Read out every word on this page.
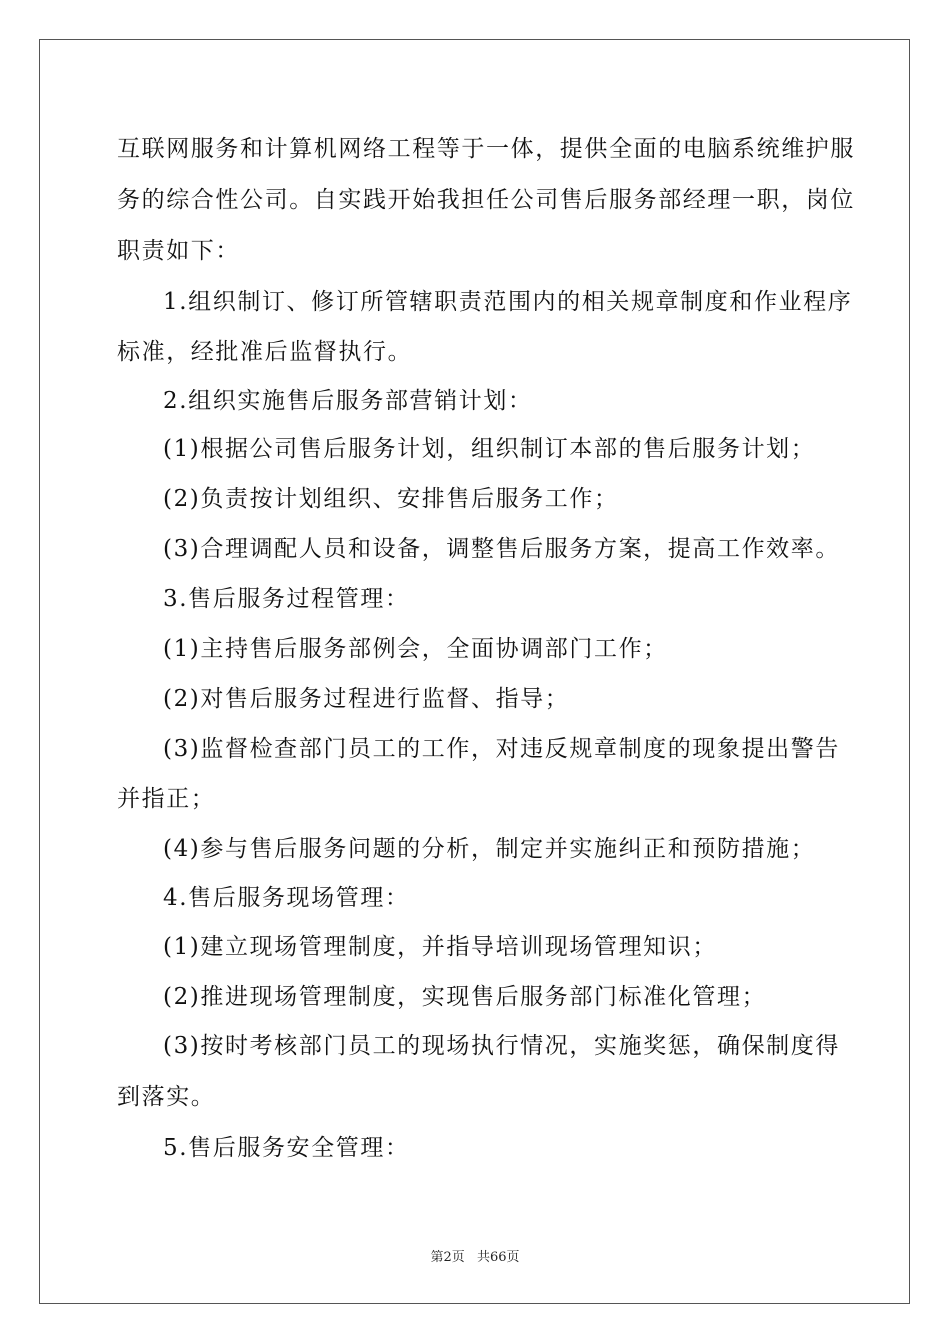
互联网服务和计算机网络工程等于一体，提供全面的电脑系统维护服
务的综合性公司。自实践开始我担任公司售后服务部经理一职，岗位
职责如下：
1.组织制订、修订所管辖职责范围内的相关规章制度和作业程序
标准，经批准后监督执行。
2.组织实施售后服务部营销计划：
(1)根据公司售后服务计划，组织制订本部的售后服务计划；
(2)负责按计划组织、安排售后服务工作；
(3)合理调配人员和设备，调整售后服务方案，提高工作效率。
3.售后服务过程管理：
(1)主持售后服务部例会，全面协调部门工作；
(2)对售后服务过程进行监督、指导；
(3)监督检查部门员工的工作，对违反规章制度的现象提出警告
并指正；
(4)参与售后服务问题的分析，制定并实施纠正和预防措施；
4.售后服务现场管理：
(1)建立现场管理制度，并指导培训现场管理知识；
(2)推进现场管理制度，实现售后服务部门标准化管理；
(3)按时考核部门员工的现场执行情况，实施奖惩，确保制度得
到落实。
5.售后服务安全管理：
第2页 共66页
